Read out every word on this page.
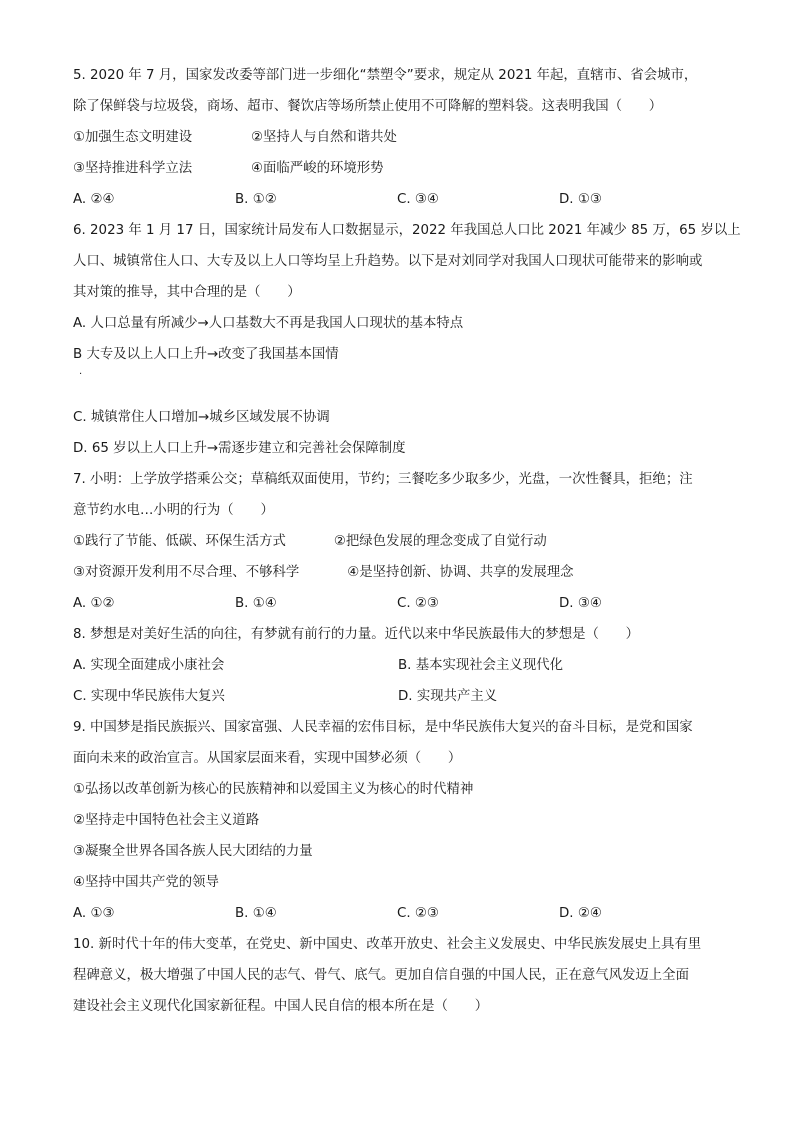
5. 2020 年 7 月，国家发改委等部门进一步细化“禁塑令”要求，规定从 2021 年起，直辖市、省会城市，
除了保鲜袋与垃圾袋，商场、超市、餐饮店等场所禁止使用不可降解的塑料袋。这表明我国（　　）
①加强生态文明建设	②坚持人与自然和谐共处
③坚持推进科学立法	④面临严峻的环境形势
A. ②④	B. ①②	C. ③④	D. ①③
6. 2023 年 1 月 17 日，国家统计局发布人口数据显示，2022 年我国总人口比 2021 年减少 85 万，65 岁以上
人口、城镇常住人口、大专及以上人口等均呈上升趋势。以下是对刘同学对我国人口现状可能带来的影响或
其对策的推导，其中合理的是（　　）
A. 人口总量有所减少→人口基数大不再是我国人口现状的基本特点
B 大专及以上人口上升→改变了我国基本国情
·
C. 城镇常住人口增加→城乡区域发展不协调
D. 65 岁以上人口上升→需逐步建立和完善社会保障制度
7. 小明：上学放学搭乘公交；草稿纸双面使用，节约；三餐吃多少取多少，光盘，一次性餐具，拒绝；注
意节约水电…小明的行为（　　）
①践行了节能、低碳、环保生活方式	②把绿色发展的理念变成了自觉行动
③对资源开发利用不尽合理、不够科学	④是坚持创新、协调、共享的发展理念
A. ①②	B. ①④	C. ②③	D. ③④
8. 梦想是对美好生活的向往，有梦就有前行的力量。近代以来中华民族最伟大的梦想是（　　）
A. 实现全面建成小康社会	B. 基本实现社会主义现代化
C. 实现中华民族伟大复兴	D. 实现共产主义
9. 中国梦是指民族振兴、国家富强、人民幸福的宏伟目标，是中华民族伟大复兴的奋斗目标，是党和国家
面向未来的政治宣言。从国家层面来看，实现中国梦必须（　　）
①弘扬以改革创新为核心的民族精神和以爱国主义为核心的时代精神
②坚持走中国特色社会主义道路
③凝聚全世界各国各族人民大团结的力量
④坚持中国共产党的领导
A. ①③	B. ①④	C. ②③	D. ②④
10. 新时代十年的伟大变革，在党史、新中国史、改革开放史、社会主义发展史、中华民族发展史上具有里
程碑意义，极大增强了中国人民的志气、骨气、底气。更加自信自强的中国人民，正在意气风发迈上全面
建设社会主义现代化国家新征程。中国人民自信的根本所在是（　　）
